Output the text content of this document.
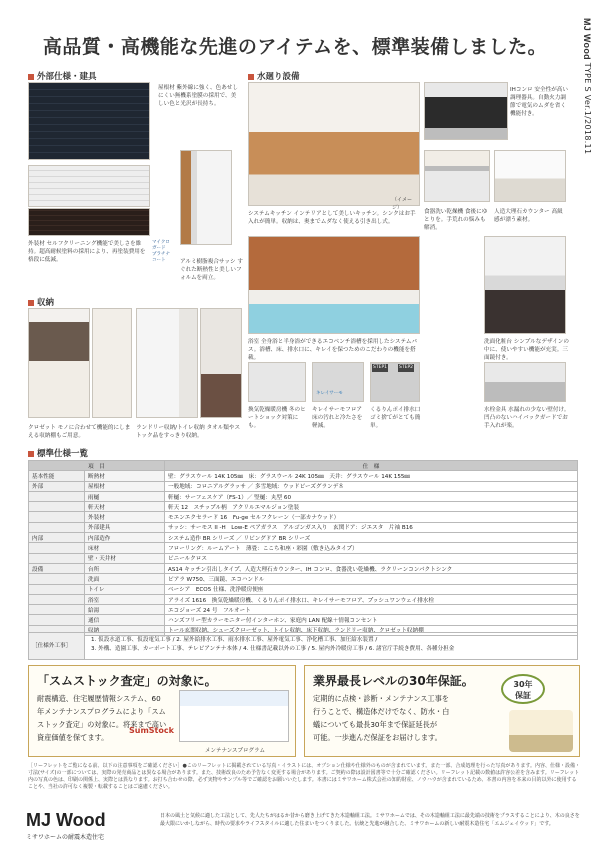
MJ Wood TYPE S Ver.1/2018.11
高品質・高機能な先進のアイテムを、標準装備しました。
外部仕様・建具
屋根材 紫外線に強く、色あせしにくい無機系塗膜の採用で、美しい色と光沢が長持ち。
外装材 セルフクリーニング機能で美しさを維持。超高耐候塗料の採用により、再塗装費用を格段に低減。
マイクロガード
プラチナコート	アルミ樹脂複合サッシ すぐれた断熱性と美しいフォルムを両立。
収納
クロゼット モノに合わせて機能的にしまえる収納棚もご用意。
ランドリー収納/トイレ収納 タオル類やストック品をすっきり収納。
水廻り設備
（イメージ）
IHコンロ 安全性が高い調理器具。自動火力調節で電気のムダを省く機能付き。
システムキッチン インテリアとして美しいキッチン。シンクはお手入れが簡単。収納は、奥までムダなく使える引き出し式。
食器洗い乾燥機 食後にゆとりを。手荒れの悩みも解消。
人造大理石カウンター 高級感が漂う素材。
浴室 全身浴と半身浴ができるエコベンチ浴槽を採用したシステムバス。浴槽、床、排水口に、キレイを保つためのこだわりの機能を搭載。
洗面化粧台 シンプルなデザインの中に、使いやすい機能が充実。三面鏡付き。
キレイサーモ
STEP1	STEP2
換気乾燥暖房機 冬のヒートショック対策にも。
キレイサーモフロア 床の汚れと冷たさを軽減。
くるりんポイ排水口 ゴミ捨てがとても簡単。
水栓金具 水漏れの少ない壁付け。凹凸のないハイバックガードでお手入れが楽。
標準仕様一覧
項　目		仕　様
基本性能	断熱材	壁：グラスウール 14K 105㎜　床：グラスウール 24K 105㎜　天井：グラスウール 14K 155㎜
外部	屋根材	一般地域：コロニアルグラッサ ／ 多雪地域：ウッドビーズグランデ８
	雨樋	軒樋：サーフェスケア（FS-1）／ 竪樋：丸型 60
	軒天材	軒天 12　スチップル柄　アクリルエマルジョン塗装
	外装材	モエンエクセラード 16　Fu-ge セルフクレーン（一部カナウッド）
	外部建具	サッシ：サーモス II -H　Low-E ペアガラス　アルゴンガス入り　玄関ドア：ジエスタ　片袖 B16
内部	内部造作	システム造作 BR シリーズ ／ リビングドア BR シリーズ
	床材	フローリング：ルームアート　薄畳：ここち和座・彩園（敷き込みタイプ）
	壁・天井材	ビニールクロス
設備	台所	AS14 キッチン引出しタイプ、人造大理石カウンター、IH コンロ、食器洗い乾燥機、ラクリーンコンパクトシンク
	洗面	ピアラ W750、三面鏡、エコハンドル
	トイレ	ベーシア　ECO5 仕様、洗浄暖房便座
	浴室	アライズ 1616　換気乾燥暖房機、くるりんポイ排水口、キレイサーモフロア、プッシュワンウェイ排水栓
	給湯	エコジョーズ 24 号　フルオート
	通信	ハンズフリー型カラーモニター付インターホン、家庭内 LAN 配線＋情報コンセント
	収納	トール玄関収納、シューズクローゼット、トイレ収納、床下収納、ランドリー収納、クロゼット収納棚
［仕様外工事］
1. 仮設水道工事、仮設電気工事 / 2. 屋外給排水工事、雨水排水工事、屋外電気工事、浄化槽工事、加圧給水装置 /
3. 外構、造園工事、カーポート工事、テレビアンテナ本体 / 4. 仕様書記載以外の工事 / 5. 屋内外冷暖房工事 / 6. 諸官庁手続き費用、各種分担金
「スムストック査定」の対象に。

耐震構造、住宅履歴情報システム、60
年メンテナンスプログラムにより「スム
ストック査定」の対象に。将来まで高い
資産価値を保てます。

SumStock
メンテナンスプログラム
業界最長レベルの30年保証。

定期的に点検・診断・メンテナンス工事を
行うことで、構造体だけでなく、防水・白
蟻についても最長30年まで保証延長が
可能。一歩進んだ保証をお届けします。

30年
保証
［リーフレットをご覧になる前、以下の注意事項をご確認ください］●このリーフレットに掲載されている写真・イラストには、オプション仕様や仕様外のものが含まれています。また一部、合成処理を行った写真があります。内容、仕様・設備・寸法(サイズ)の一部については、実際の発売商品とは異なる場合があります。また、技術改良のため予告なく変更する場合があります。ご契約の際は設計図書等で十分ご確認ください。リーフレット記載の数値は許容公差を含みます。リーフレット内の写真の色は、印刷の関係上、実際とは異なります。お打ち合わせの際、必ず実物やサンプル等でご確認をお願いいたします。本書にはミサワホーム株式会社の知的財産、ノウハウが含まれているため、本書の内容を本来の目的以外に使用することや、当社の許可なく複製・転載することはご遠慮ください。
MJ Wood
ミサワホームの耐震木造住宅
日本の風土と気候に適した工法として、先人たちがはるか昔から磨き上げてきた木造軸組工法。ミサワホームでは、その木造軸組工法に最先端の技術をプラスすることにより、木の良さを最大限にいかしながら、時代の要求やライフスタイルに適した住まいをつくりました。伝統と先進が融合した、ミサワホームの新しい耐震木造住宅「エムジェイウッド」です。
